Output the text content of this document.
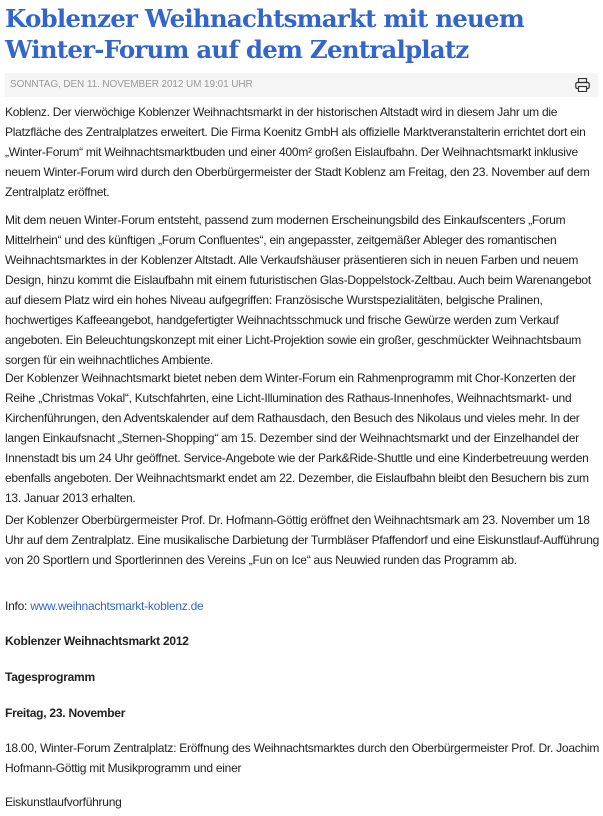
Koblenzer Weihnachtsmarkt mit neuem Winter-Forum auf dem Zentralplatz
SONNTAG, DEN 11. NOVEMBER 2012 UM 19:01 UHR

Koblenz. Der vierwöchige Koblenzer Weihnachtsmarkt in der historischen Altstadt wird in diesem Jahr um die Platzfläche des Zentralplatzes erweitert. Die Firma Koenitz GmbH als offizielle Marktveranstalterin errichtet dort ein „Winter-Forum“ mit Weihnachtsmarktbuden und einer 400m² großen Eislaufbahn. Der Weihnachtsmarkt inklusive neuem Winter-Forum wird durch den Oberbürgermeister der Stadt Koblenz am Freitag, den 23. November auf dem Zentralplatz eröffnet.

Mit dem neuen Winter-Forum entsteht, passend zum modernen Erscheinungsbild des Einkaufscenters „Forum Mittelrhein“ und des künftigen „Forum Confluentes“, ein angepasster, zeitgemäßer Ableger des romantischen Weihnachtsmarktes in der Koblenzer Altstadt. Alle Verkaufshäuser präsentieren sich in neuen Farben und neuem Design, hinzu kommt die Eislaufbahn mit einem futuristischen Glas-Doppelstock-Zeltbau. Auch beim Warenangebot auf diesem Platz wird ein hohes Niveau aufgegriffen: Französische Wurstspezialitäten, belgische Pralinen, hochwertiges Kaffeeangebot, handgefertigter Weihnachtsschmuck und frische Gewürze werden zum Verkauf angeboten. Ein Beleuchtungskonzept mit einer Licht-Projektion sowie ein großer, geschmückter Weihnachtsbaum sorgen für ein weihnachtliches Ambiente.

Der Koblenzer Weihnachtsmarkt bietet neben dem Winter-Forum ein Rahmenprogramm mit Chor-Konzerten der Reihe „Christmas Vokal“, Kutschfahrten, eine Licht-Illumination des Rathaus-Innenhofes, Weihnachtsmarkt- und Kirchenführungen, den Adventskalender auf dem Rathausdach, den Besuch des Nikolaus und vieles mehr. In der langen Einkaufsnacht „Sternen-Shopping“ am 15. Dezember sind der Weihnachtsmarkt und der Einzelhandel der Innenstadt bis um 24 Uhr geöffnet. Service-Angebote wie der Park&Ride-Shuttle und eine Kinderbetreuung werden ebenfalls angeboten. Der Weihnachtsmarkt endet am 22. Dezember, die Eislaufbahn bleibt den Besuchern bis zum 13. Januar 2013 erhalten.

Der Koblenzer Oberbürgermeister Prof. Dr. Hofmann-Göttig eröffnet den Weihnachtsmark am 23. November um 18 Uhr auf dem Zentralplatz. Eine musikalische Darbietung der Turmbläser Pfaffendorf und eine Eiskunstlauf-Aufführung von 20 Sportlern und Sportlerinnen des Vereins „Fun on Ice“ aus Neuwied runden das Programm ab.

Info: www.weihnachtsmarkt-koblenz.de

Koblenzer Weihnachtsmarkt 2012

Tagesprogramm

Freitag, 23. November

18.00, Winter-Forum Zentralplatz: Eröffnung des Weihnachtsmarktes durch den Oberbürgermeister Prof. Dr. Joachim Hofmann-Göttig mit Musikprogramm und einer

Eiskunstlaufvorführung
